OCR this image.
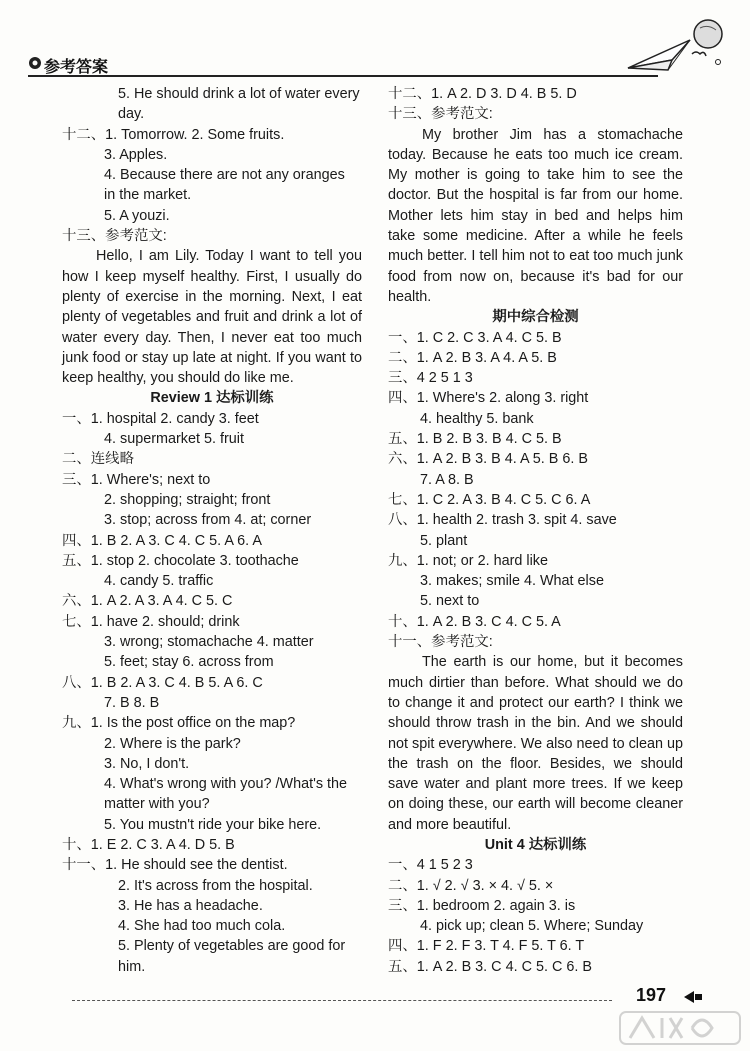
参考答案
5. He should drink a lot of water every
day.
十二、1. Tomorrow. 2. Some fruits.
3. Apples.
4. Because there are not any oranges
in the market.
5. A youzi.
十三、参考范文:
Hello, I am Lily. Today I want to tell you how I keep myself healthy. First, I usually do plenty of exercise in the morning. Next, I eat plenty of vegetables and fruit and drink a lot of water every day. Then, I never eat too much junk food or stay up late at night. If you want to keep healthy, you should do like me.
Review 1 达标训练
一、1. hospital 2. candy 3. feet
4. supermarket 5. fruit
二、连线略
三、1. Where's; next to
2. shopping; straight; front
3. stop; across from 4. at; corner
四、1. B 2. A 3. C 4. C 5. A 6. A
五、1. stop 2. chocolate 3. toothache
4. candy 5. traffic
六、1. A 2. A 3. A 4. C 5. C
七、1. have 2. should; drink
3. wrong; stomachache 4. matter
5. feet; stay 6. across from
八、1. B 2. A 3. C 4. B 5. A 6. C
7. B 8. B
九、1. Is the post office on the map?
2. Where is the park?
3. No, I don't.
4. What's wrong with you? /What's the
matter with you?
5. You mustn't ride your bike here.
十、1. E 2. C 3. A 4. D 5. B
十一、1. He should see the dentist.
2. It's across from the hospital.
3. He has a headache.
4. She had too much cola.
5. Plenty of vegetables are good for
him.
十二、1. A 2. D 3. D 4. B 5. D
十三、参考范文:
My brother Jim has a stomachache today. Because he eats too much ice cream. My mother is going to take him to see the doctor. But the hospital is far from our home. Mother lets him stay in bed and helps him take some medicine. After a while he feels much better. I tell him not to eat too much junk food from now on, because it's bad for our health.
期中综合检测
一、1. C 2. C 3. A 4. C 5. B
二、1. A 2. B 3. A 4. A 5. B
三、4 2 5 1 3
四、1. Where's 2. along 3. right
4. healthy 5. bank
五、1. B 2. B 3. B 4. C 5. B
六、1. A 2. B 3. B 4. A 5. B 6. B
7. A 8. B
七、1. C 2. A 3. B 4. C 5. C 6. A
八、1. health 2. trash 3. spit 4. save
5. plant
九、1. not; or 2. hard like
3. makes; smile 4. What else
5. next to
十、1. A 2. B 3. C 4. C 5. A
十一、参考范文:
The earth is our home, but it becomes much dirtier than before. What should we do to change it and protect our earth? I think we should throw trash in the bin. And we should not spit everywhere. We also need to clean up the trash on the floor. Besides, we should save water and plant more trees. If we keep on doing these, our earth will become cleaner and more beautiful.
Unit 4 达标训练
一、4 1 5 2 3
二、1. √ 2. √ 3. × 4. √ 5. ×
三、1. bedroom 2. again 3. is
4. pick up; clean 5. Where; Sunday
四、1. F 2. F 3. T 4. F 5. T 6. T
五、1. A 2. B 3. C 4. C 5. C 6. B
197
